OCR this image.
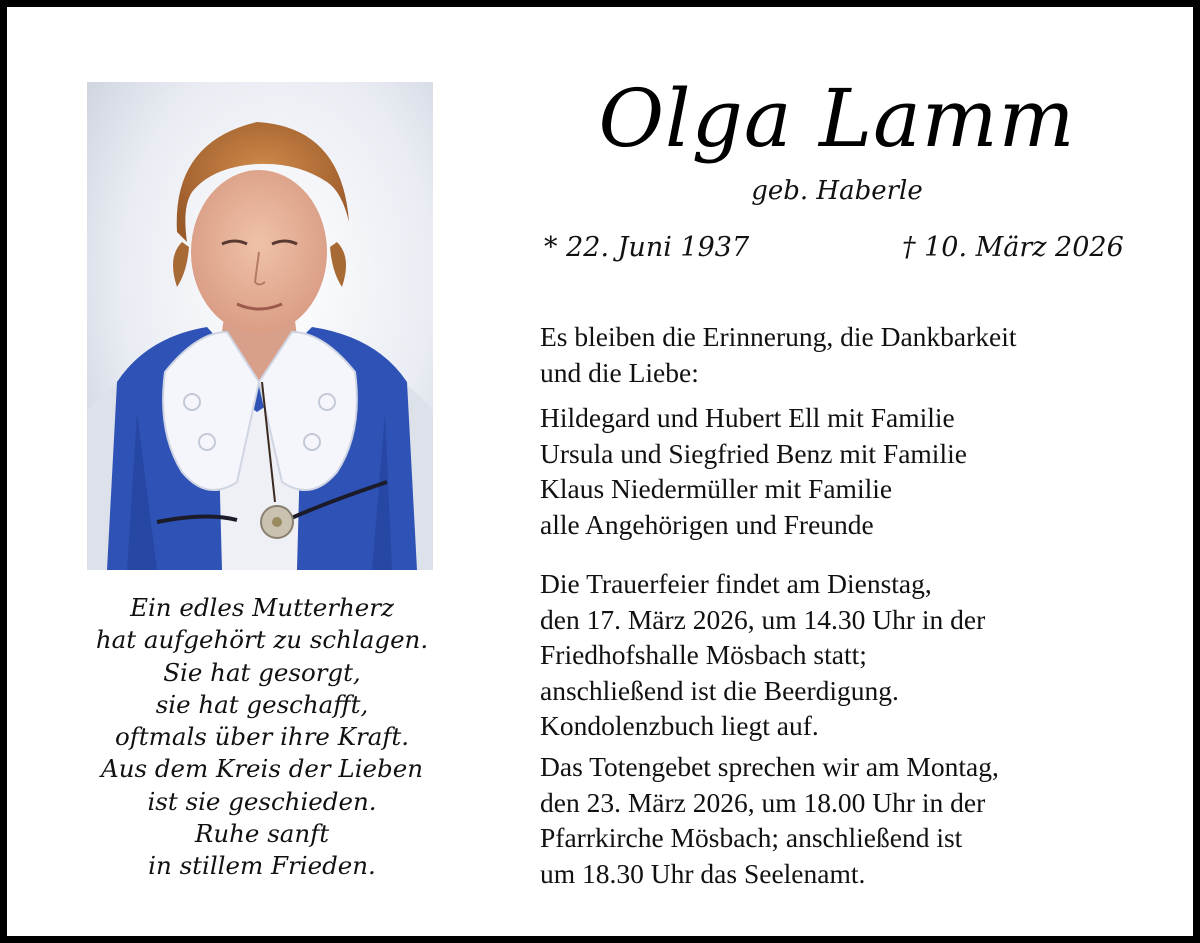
Ein edles Mutterherz
hat aufgehört zu schlagen.
Sie hat gesorgt,
sie hat geschafft,
oftmals über ihre Kraft.
Aus dem Kreis der Lieben
ist sie geschieden.
Ruhe sanft
in stillem Frieden.
Olga Lamm
geb. Haberle
* 22. Juni 1937	† 10. März 2026
Es bleiben die Erinnerung, die Dankbarkeit
und die Liebe:
Hildegard und Hubert Ell mit Familie
Ursula und Siegfried Benz mit Familie
Klaus Niedermüller mit Familie
alle Angehörigen und Freunde
Die Trauerfeier findet am Dienstag,
den 17. März 2026, um 14.30 Uhr in der
Friedhofshalle Mösbach statt;
anschließend ist die Beerdigung.
Kondolenzbuch liegt auf.
Das Totengebet sprechen wir am Montag,
den 23. März 2026, um 18.00 Uhr in der
Pfarrkirche Mösbach; anschließend ist
um 18.30 Uhr das Seelenamt.
